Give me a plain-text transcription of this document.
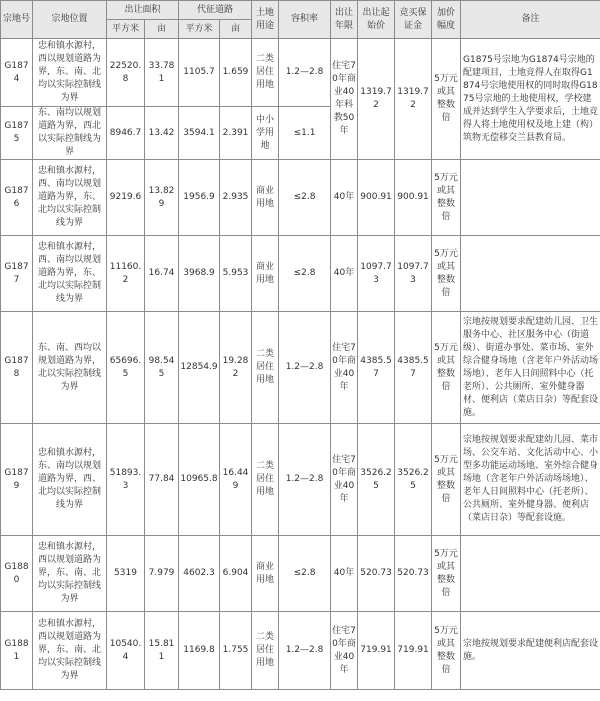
宗地号	宗地位置	出让面积		代征道路		土地用途	容积率	出让年限	出让起始价	竞买保证金	加价幅度	备注
		平方米	亩	平方米	亩							
G1874	忠和镇水源村，西以规划道路为界，东、南、北均以实际控制线为界	22520.8	33.781	1105.7	1.659	二类居住用地	1.2—2.8	住宅70年商业40年科教50年	1319.72	1319.72	5万元或其整数倍	G1875号宗地为G1874号宗地的配建项目，土地竞得人在取得G1874号宗地使用权的同时取得G1875号宗地的土地使用权，学校建成并达到学生入学要求后，土地竞得人将土地使用权及地上建（构）筑物无偿移交兰县教育局。
G1875	东、南均以规划道路为界，西北以实际控制线为界	8946.7	13.42	3594.1	2.391	中小学用地	≤1.1					
G1876	忠和镇水源村，西、南均以规划道路为界，东、北均以实际控制线为界	9219.6	13.829	1956.9	2.935	商业用地	≤2.8	40年	900.91	900.91	5万元或其整数倍	
G1877	忠和镇水源村，西、南均以规划道路为界，东、北均以实际控制线为界	11160.2	16.74	3968.9	5.953	商业用地	≤2.8	40年	1097.73	1097.73	5万元或其整数倍	
G1878	东、南、西均以规划道路为界，北以实际控制线为界	65696.5	98.545	12854.9	19.282	二类居住用地	1.2—2.8	住宅70年商业40年	4385.57	4385.57	5万元或其整数倍	宗地按规划要求配建幼儿园、卫生服务中心、社区服务中心（街道级）、街道办事处、菜市场、室外综合健身场地（含老年户外活动场场地）、老年人日间照料中心（托老所）、公共厕所、室外健身器材、便利店（菜店日杂）等配套设施。
G1879	忠和镇水源村，东、南均以规划道路为界，西、北均以实际控制线为界	51893.3	77.84	10965.8	16.449	二类居住用地	1.2—2.8	住宅70年商业40年	3526.25	3526.25	5万元或其整数倍	宗地按规划要求配建幼儿园、菜市场、公交车站、文化活动中心、小型多功能运动场地、室外综合健身场地（含老年户外活动场场地）、老年人日间照料中心（托老所）、公共厕所、室外健身器、便利店（菜店日杂）等配套设施。
G1880	忠和镇水源村，西以规划道路为界，东、南、北均以实际控制线为界	5319	7.979	4602.3	6.904	商业用地	≤2.8	40年	520.73	520.73	5万元或其整数倍	
G1881	忠和镇水源村，西以规划道路为界，东、南、北均以实际控制线为界	10540.4	15.811	1169.8	1.755	二类居住用地	1.2—2.8	住宅70年商业40年	719.91	719.91	5万元或其整数倍	宗地按规划要求配建便利店配套设施。
